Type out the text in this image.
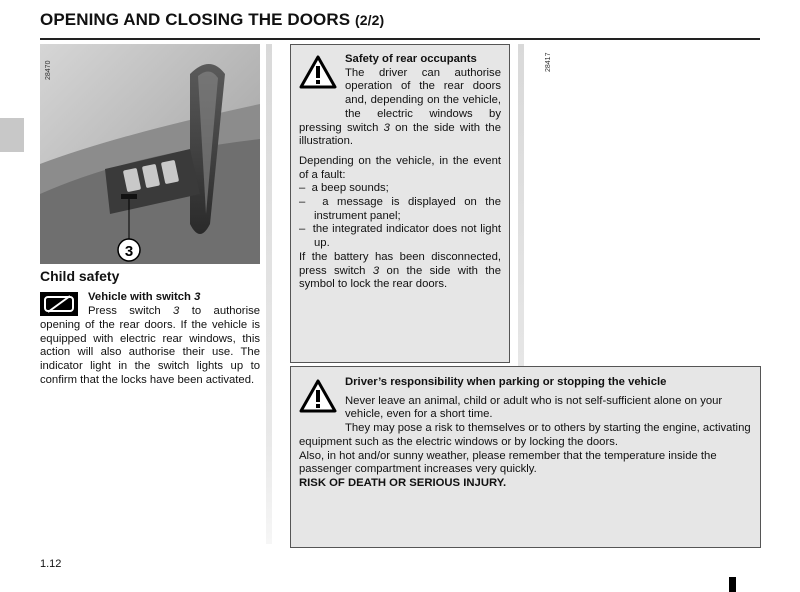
OPENING AND CLOSING THE DOORS (2/2)
3
28470	28417
Child safety
Vehicle with switch 3
Press switch 3 to authorise

opening of the rear doors. If the vehicle is equipped with electric rear windows, this action will also authorise their use. The indicator light in the switch lights up to confirm that the locks have been activated.

Safety of rear occupants

The driver can authorise operation of the rear doors and, depending on the vehicle, the electric windows by pressing switch 3 on the side with the illustration.

Depending on the vehicle, in the event of a fault:

–  a beep sounds;
–  a message is displayed on the instrument panel;
–  the integrated indicator does not light up.

If the battery has been disconnected, press switch 3 on the side with the symbol to lock the rear doors.

Driver’s responsibility when parking or stopping the vehicle

Never leave an animal, child or adult who is not self-sufficient alone on your vehicle, even for a short time.

They may pose a risk to themselves or to others by starting the engine, activating equipment such as the electric windows or by locking the doors.

Also, in hot and/or sunny weather, please remember that the temperature inside the passenger compartment increases very quickly.

RISK OF DEATH OR SERIOUS INJURY.

1.12
